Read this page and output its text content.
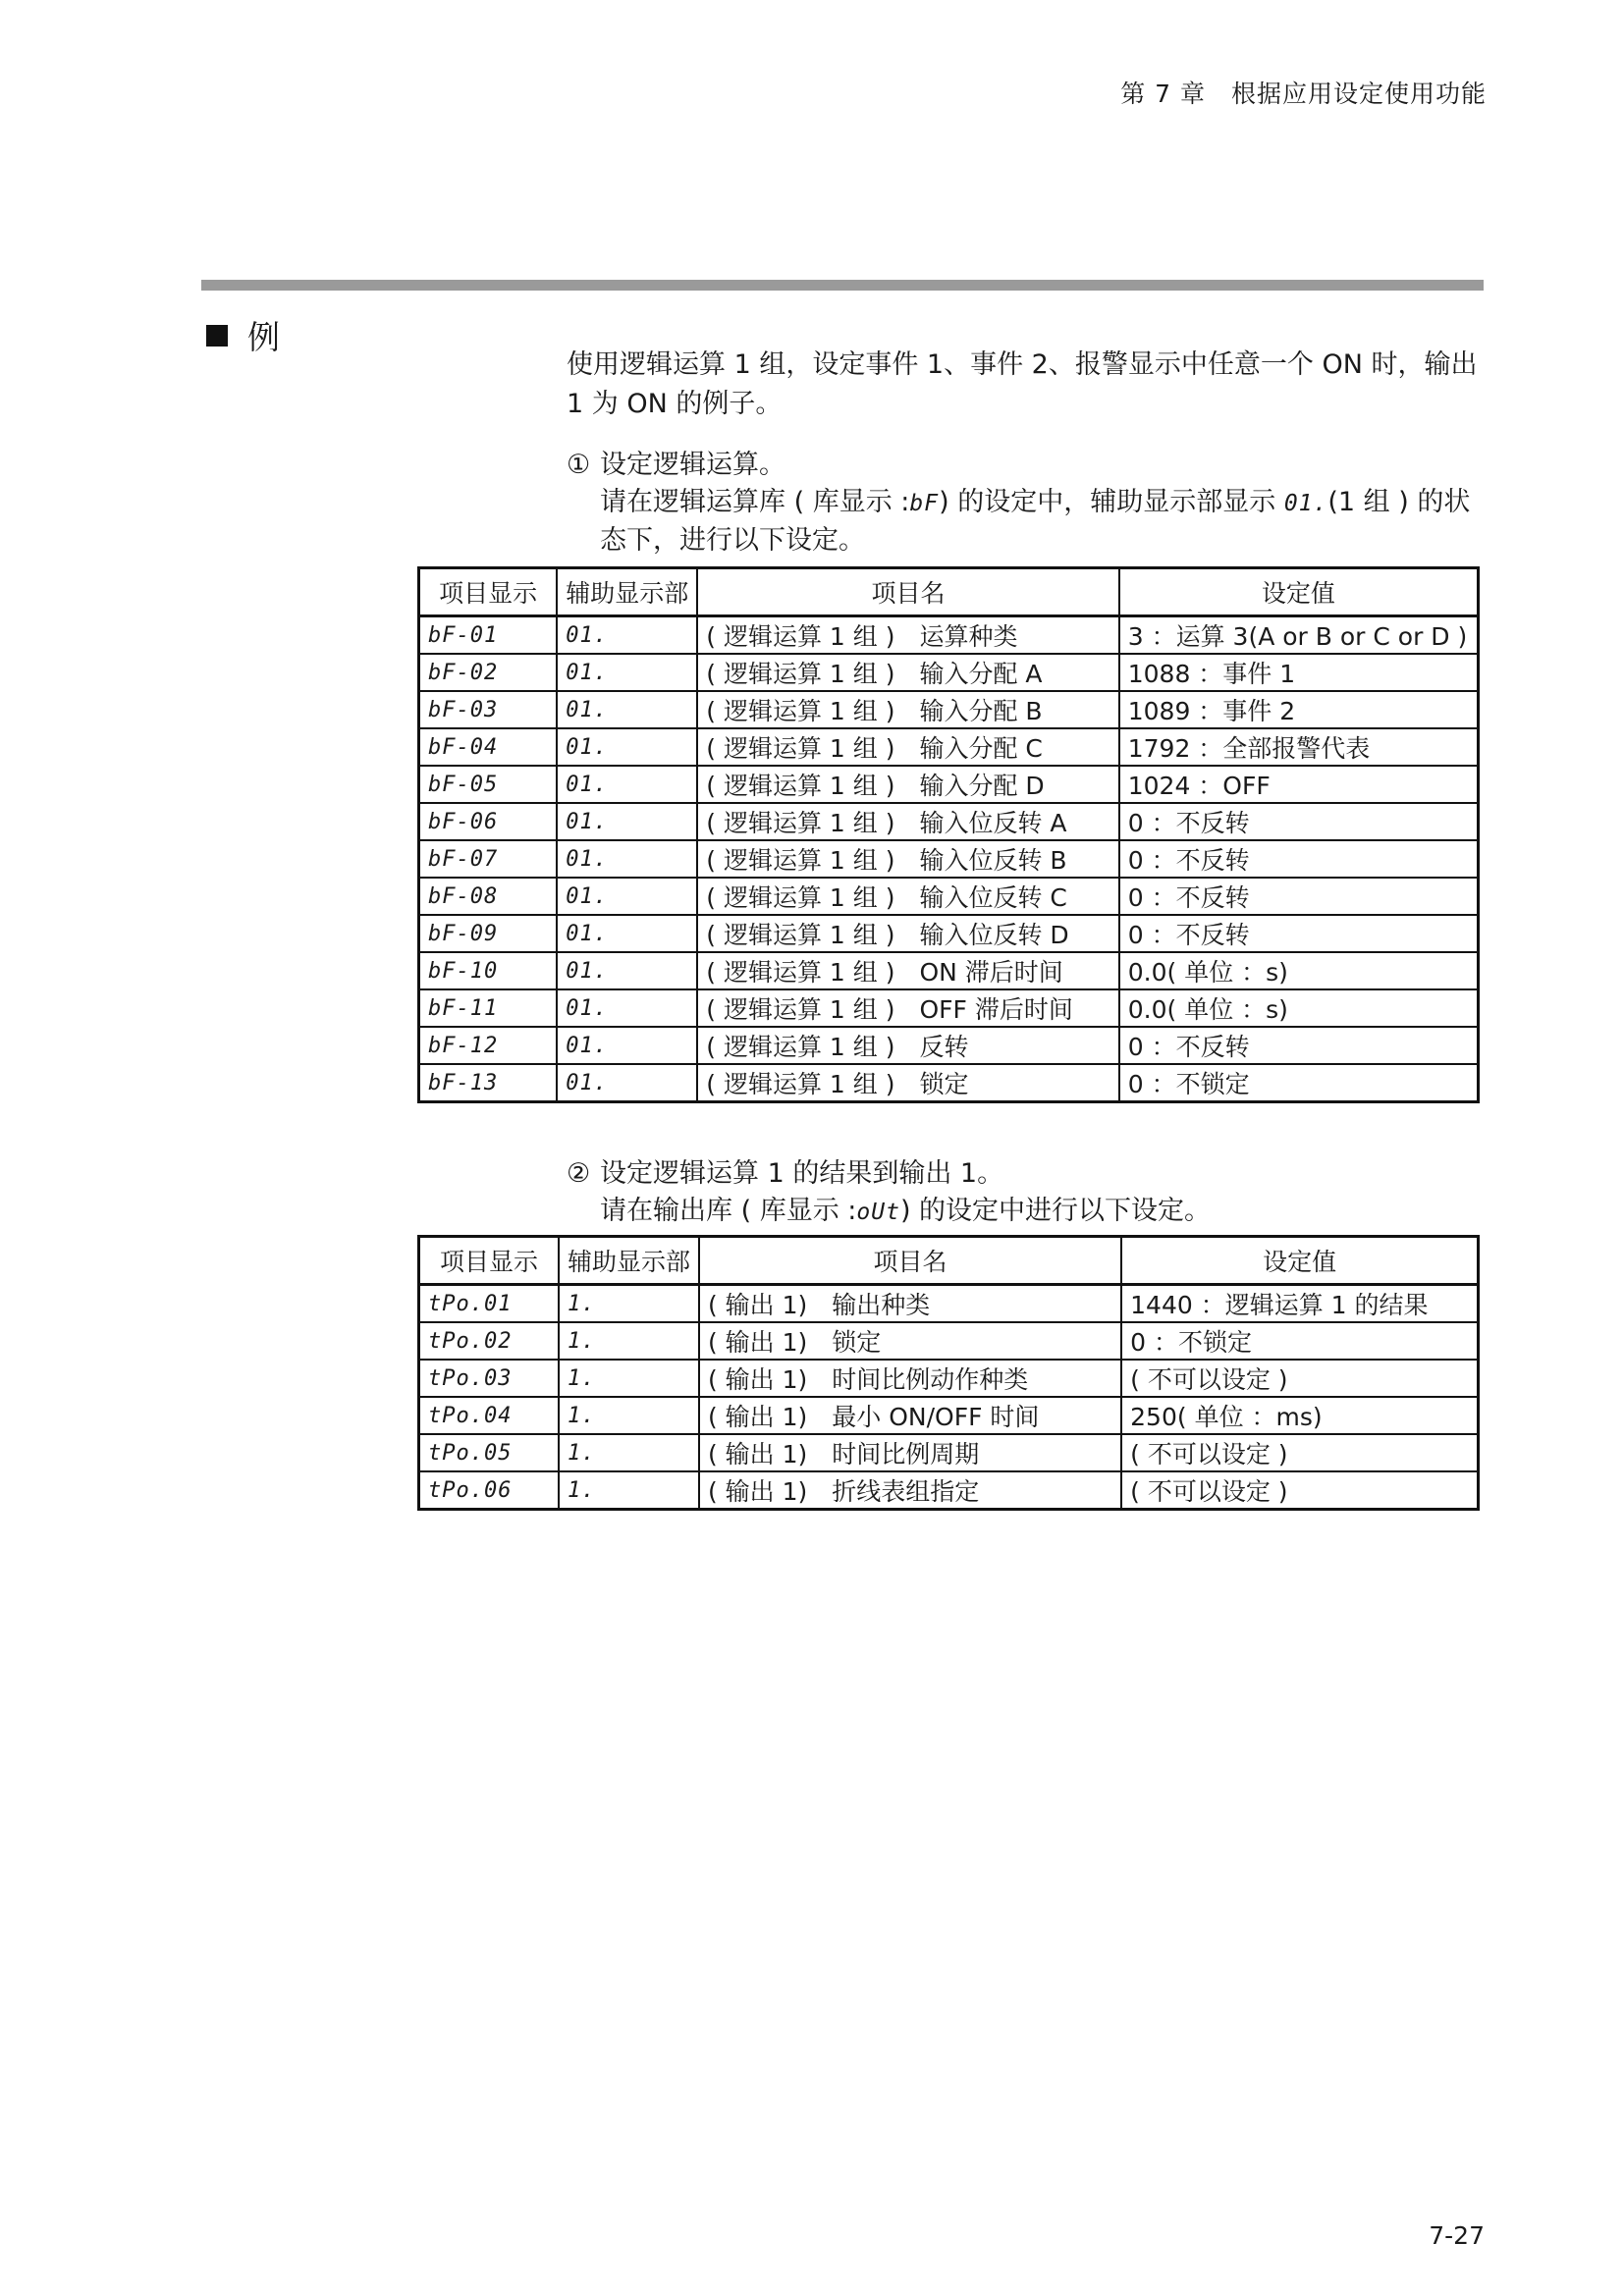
第 7 章　根据应用设定使用功能
例
使用逻辑运算 1 组，设定事件 1、事件 2、报警显示中任意一个 ON 时，输出 1 为 ON 的例子。
① 设定逻辑运算。
请在逻辑运算库 ( 库显示 :bF) 的设定中，辅助显示部显示 01.(1 组 ) 的状态下，进行以下设定。
项目显示	辅助显示部	项目名	设定值
bF-01	01.	( 逻辑运算 1 组 )　运算种类	3 ：运算 3(A or B or C or D )
bF-02	01.	( 逻辑运算 1 组 )　输入分配 A	1088 ：事件 1
bF-03	01.	( 逻辑运算 1 组 )　输入分配 B	1089 ：事件 2
bF-04	01.	( 逻辑运算 1 组 )　输入分配 C	1792 ：全部报警代表
bF-05	01.	( 逻辑运算 1 组 )　输入分配 D	1024 ：OFF
bF-06	01.	( 逻辑运算 1 组 )　输入位反转 A	0 ：不反转
bF-07	01.	( 逻辑运算 1 组 )　输入位反转 B	0 ：不反转
bF-08	01.	( 逻辑运算 1 组 )　输入位反转 C	0 ：不反转
bF-09	01.	( 逻辑运算 1 组 )　输入位反转 D	0 ：不反转
bF-10	01.	( 逻辑运算 1 组 )　ON 滞后时间	0.0( 单位 ：s)
bF-11	01.	( 逻辑运算 1 组 )　OFF 滞后时间	0.0( 单位 ：s)
bF-12	01.	( 逻辑运算 1 组 )　反转	0 ：不反转
bF-13	01.	( 逻辑运算 1 组 )　锁定	0 ：不锁定
② 设定逻辑运算 1 的结果到输出 1。
请在输出库 ( 库显示 :oUt) 的设定中进行以下设定。
项目显示	辅助显示部	项目名	设定值
tPo.01	1.	( 输出 1)　输出种类	1440 ：逻辑运算 1 的结果
tPo.02	1.	( 输出 1)　锁定	0 ：不锁定
tPo.03	1.	( 输出 1)　时间比例动作种类	( 不可以设定 )
tPo.04	1.	( 输出 1)　最小 ON/OFF 时间	250( 单位 ：ms)
tPo.05	1.	( 输出 1)　时间比例周期	( 不可以设定 )
tPo.06	1.	( 输出 1)　折线表组指定	( 不可以设定 )
7-27
